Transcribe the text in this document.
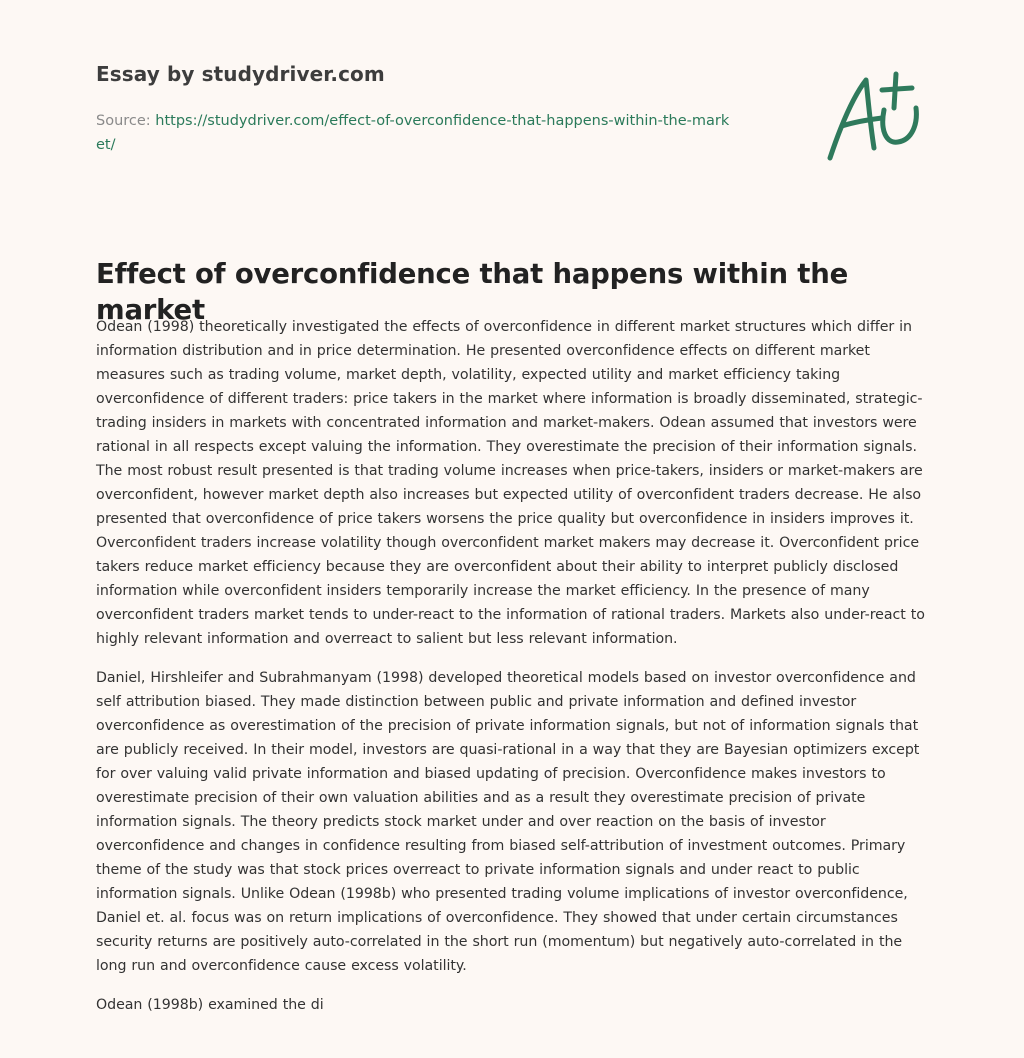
Essay by studydriver.com
Source: https://studydriver.com/effect-of-overconfidence-that-happens-within-the-market/
Effect of overconfidence that happens within the market

Odean (1998) theoretically investigated the effects of overconfidence in different market structures which differ in information distribution and in price determination. He presented overconfidence effects on different market measures such as trading volume, market depth, volatility, expected utility and market efficiency taking overconfidence of different traders: price takers in the market where information is broadly disseminated, strategic-trading insiders in markets with concentrated information and market-makers. Odean assumed that investors were rational in all respects except valuing the information. They overestimate the precision of their information signals. The most robust result presented is that trading volume increases when price-takers, insiders or market-makers are overconfident, however market depth also increases but expected utility of overconfident traders decrease. He also presented that overconfidence of price takers worsens the price quality but overconfidence in insiders improves it. Overconfident traders increase volatility though overconfident market makers may decrease it. Overconfident price takers reduce market efficiency because they are overconfident about their ability to interpret publicly disclosed information while overconfident insiders temporarily increase the market efficiency. In the presence of many overconfident traders market tends to under-react to the information of rational traders. Markets also under-react to highly relevant information and overreact to salient but less relevant information.

Daniel, Hirshleifer and Subrahmanyam (1998) developed theoretical models based on investor overconfidence and self attribution biased. They made distinction between public and private information and defined investor overconfidence as overestimation of the precision of private information signals, but not of information signals that are publicly received. In their model, investors are quasi-rational in a way that they are Bayesian optimizers except for over valuing valid private information and biased updating of precision. Overconfidence makes investors to overestimate precision of their own valuation abilities and as a result they overestimate precision of private information signals. The theory predicts stock market under and over reaction on the basis of investor overconfidence and changes in confidence resulting from biased self-attribution of investment outcomes. Primary theme of the study was that stock prices overreact to private information signals and under react to public information signals. Unlike Odean (1998b) who presented trading volume implications of investor overconfidence, Daniel et. al. focus was on return implications of overconfidence. They showed that under certain circumstances security returns are positively auto-correlated in the short run (momentum) but negatively auto-correlated in the long run and overconfidence cause excess volatility.

Odean (1998b) examined the di
